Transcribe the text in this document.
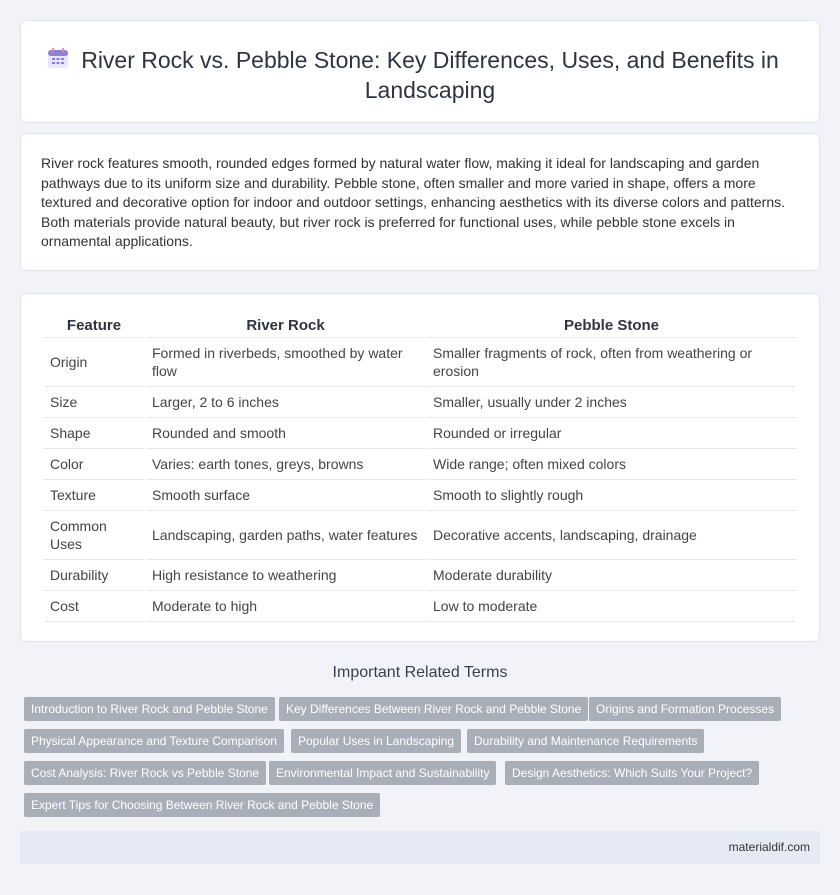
River Rock vs. Pebble Stone: Key Differences, Uses, and Benefits in Landscaping

River rock features smooth, rounded edges formed by natural water flow, making it ideal for landscaping and garden pathways due to its uniform size and durability. Pebble stone, often smaller and more varied in shape, offers a more textured and decorative option for indoor and outdoor settings, enhancing aesthetics with its diverse colors and patterns. Both materials provide natural beauty, but river rock is preferred for functional uses, while pebble stone excels in ornamental applications.

Feature	River Rock	Pebble Stone
Origin	Formed in riverbeds, smoothed by water flow	Smaller fragments of rock, often from weathering or erosion
Size	Larger, 2 to 6 inches	Smaller, usually under 2 inches
Shape	Rounded and smooth	Rounded or irregular
Color	Varies: earth tones, greys, browns	Wide range; often mixed colors
Texture	Smooth surface	Smooth to slightly rough
Common Uses	Landscaping, garden paths, water features	Decorative accents, landscaping, drainage
Durability	High resistance to weathering	Moderate durability
Cost	Moderate to high	Low to moderate
Important Related Terms
Introduction to River Rock and Pebble Stone	Key Differences Between River Rock and Pebble Stone	Origins and Formation Processes
Physical Appearance and Texture Comparison	Popular Uses in Landscaping	Durability and Maintenance Requirements
Cost Analysis: River Rock vs Pebble Stone	Environmental Impact and Sustainability	Design Aesthetics: Which Suits Your Project?
Expert Tips for Choosing Between River Rock and Pebble Stone
materialdif.com
